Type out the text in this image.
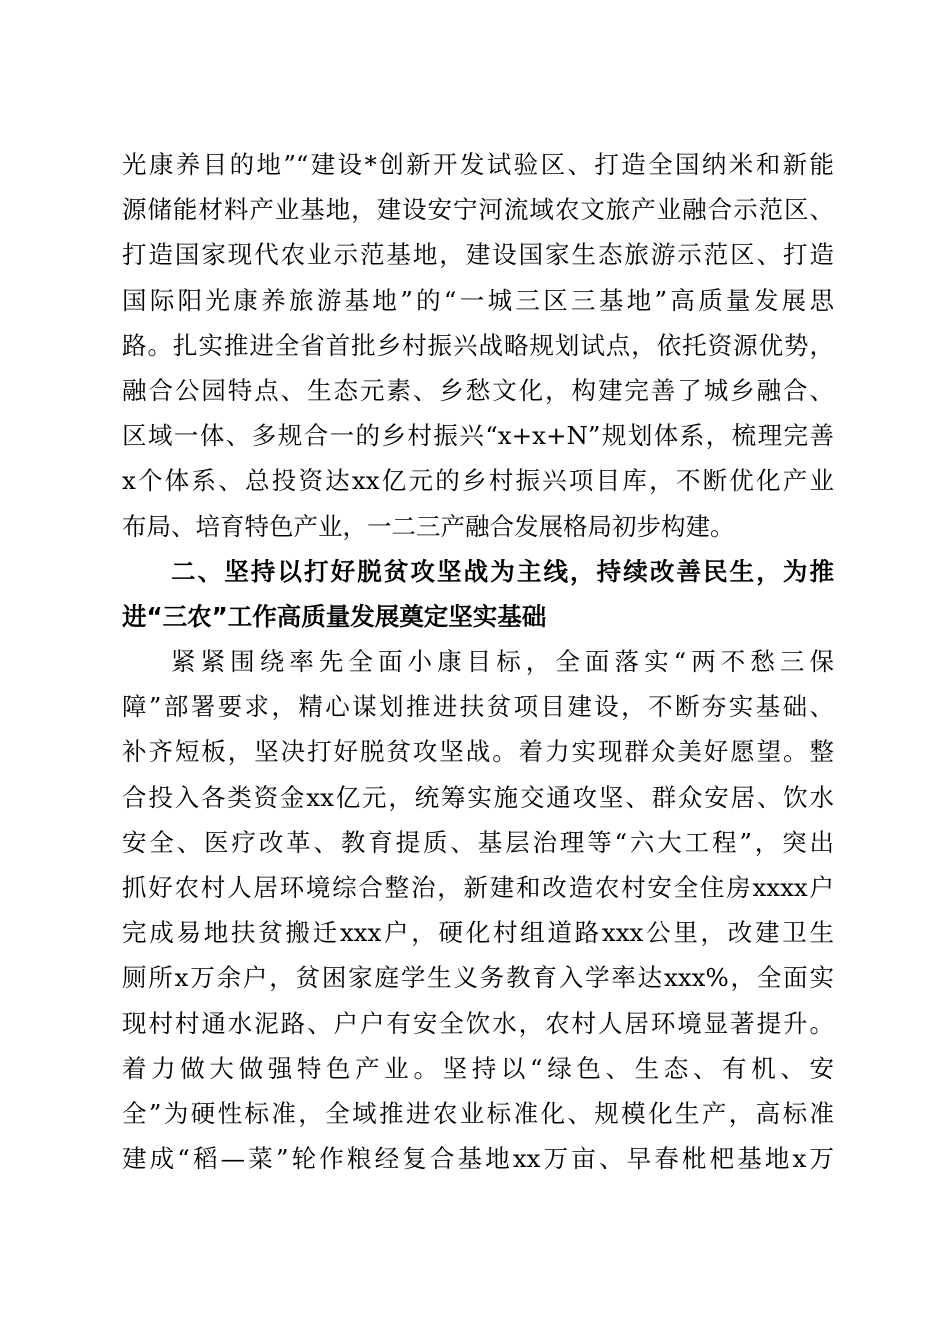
光康养目的地”“建设*创新开发试验区、打造全国纳米和新能
源储能材料产业基地，建设安宁河流域农文旅产业融合示范区、
打造国家现代农业示范基地，建设国家生态旅游示范区、打造
国际阳光康养旅游基地”的“一城三区三基地”高质量发展思
路。扎实推进全省首批乡村振兴战略规划试点，依托资源优势，
融合公园特点、生态元素、乡愁文化，构建完善了城乡融合、
区域一体、多规合一的乡村振兴“x+x+N”规划体系，梳理完善
x个体系、总投资达xx亿元的乡村振兴项目库，不断优化产业
布局、培育特色产业，一二三产融合发展格局初步构建。
二、坚持以打好脱贫攻坚战为主线，持续改善民生，为推
进“三农”工作高质量发展奠定坚实基础
紧紧围绕率先全面小康目标，全面落实“两不愁三保
障”部署要求，精心谋划推进扶贫项目建设，不断夯实基础、
补齐短板，坚决打好脱贫攻坚战。着力实现群众美好愿望。整
合投入各类资金xx亿元，统筹实施交通攻坚、群众安居、饮水
安全、医疗改革、教育提质、基层治理等“六大工程”，突出
抓好农村人居环境综合整治，新建和改造农村安全住房xxxx户
完成易地扶贫搬迁xxx户，硬化村组道路xxx公里，改建卫生
厕所x万余户，贫困家庭学生义务教育入学率达xxx%，全面实
现村村通水泥路、户户有安全饮水，农村人居环境显著提升。
着力做大做强特色产业。坚持以“绿色、生态、有机、安
全”为硬性标准，全域推进农业标准化、规模化生产，高标准
建成“稻—菜”轮作粮经复合基地xx万亩、早春枇杷基地x万
